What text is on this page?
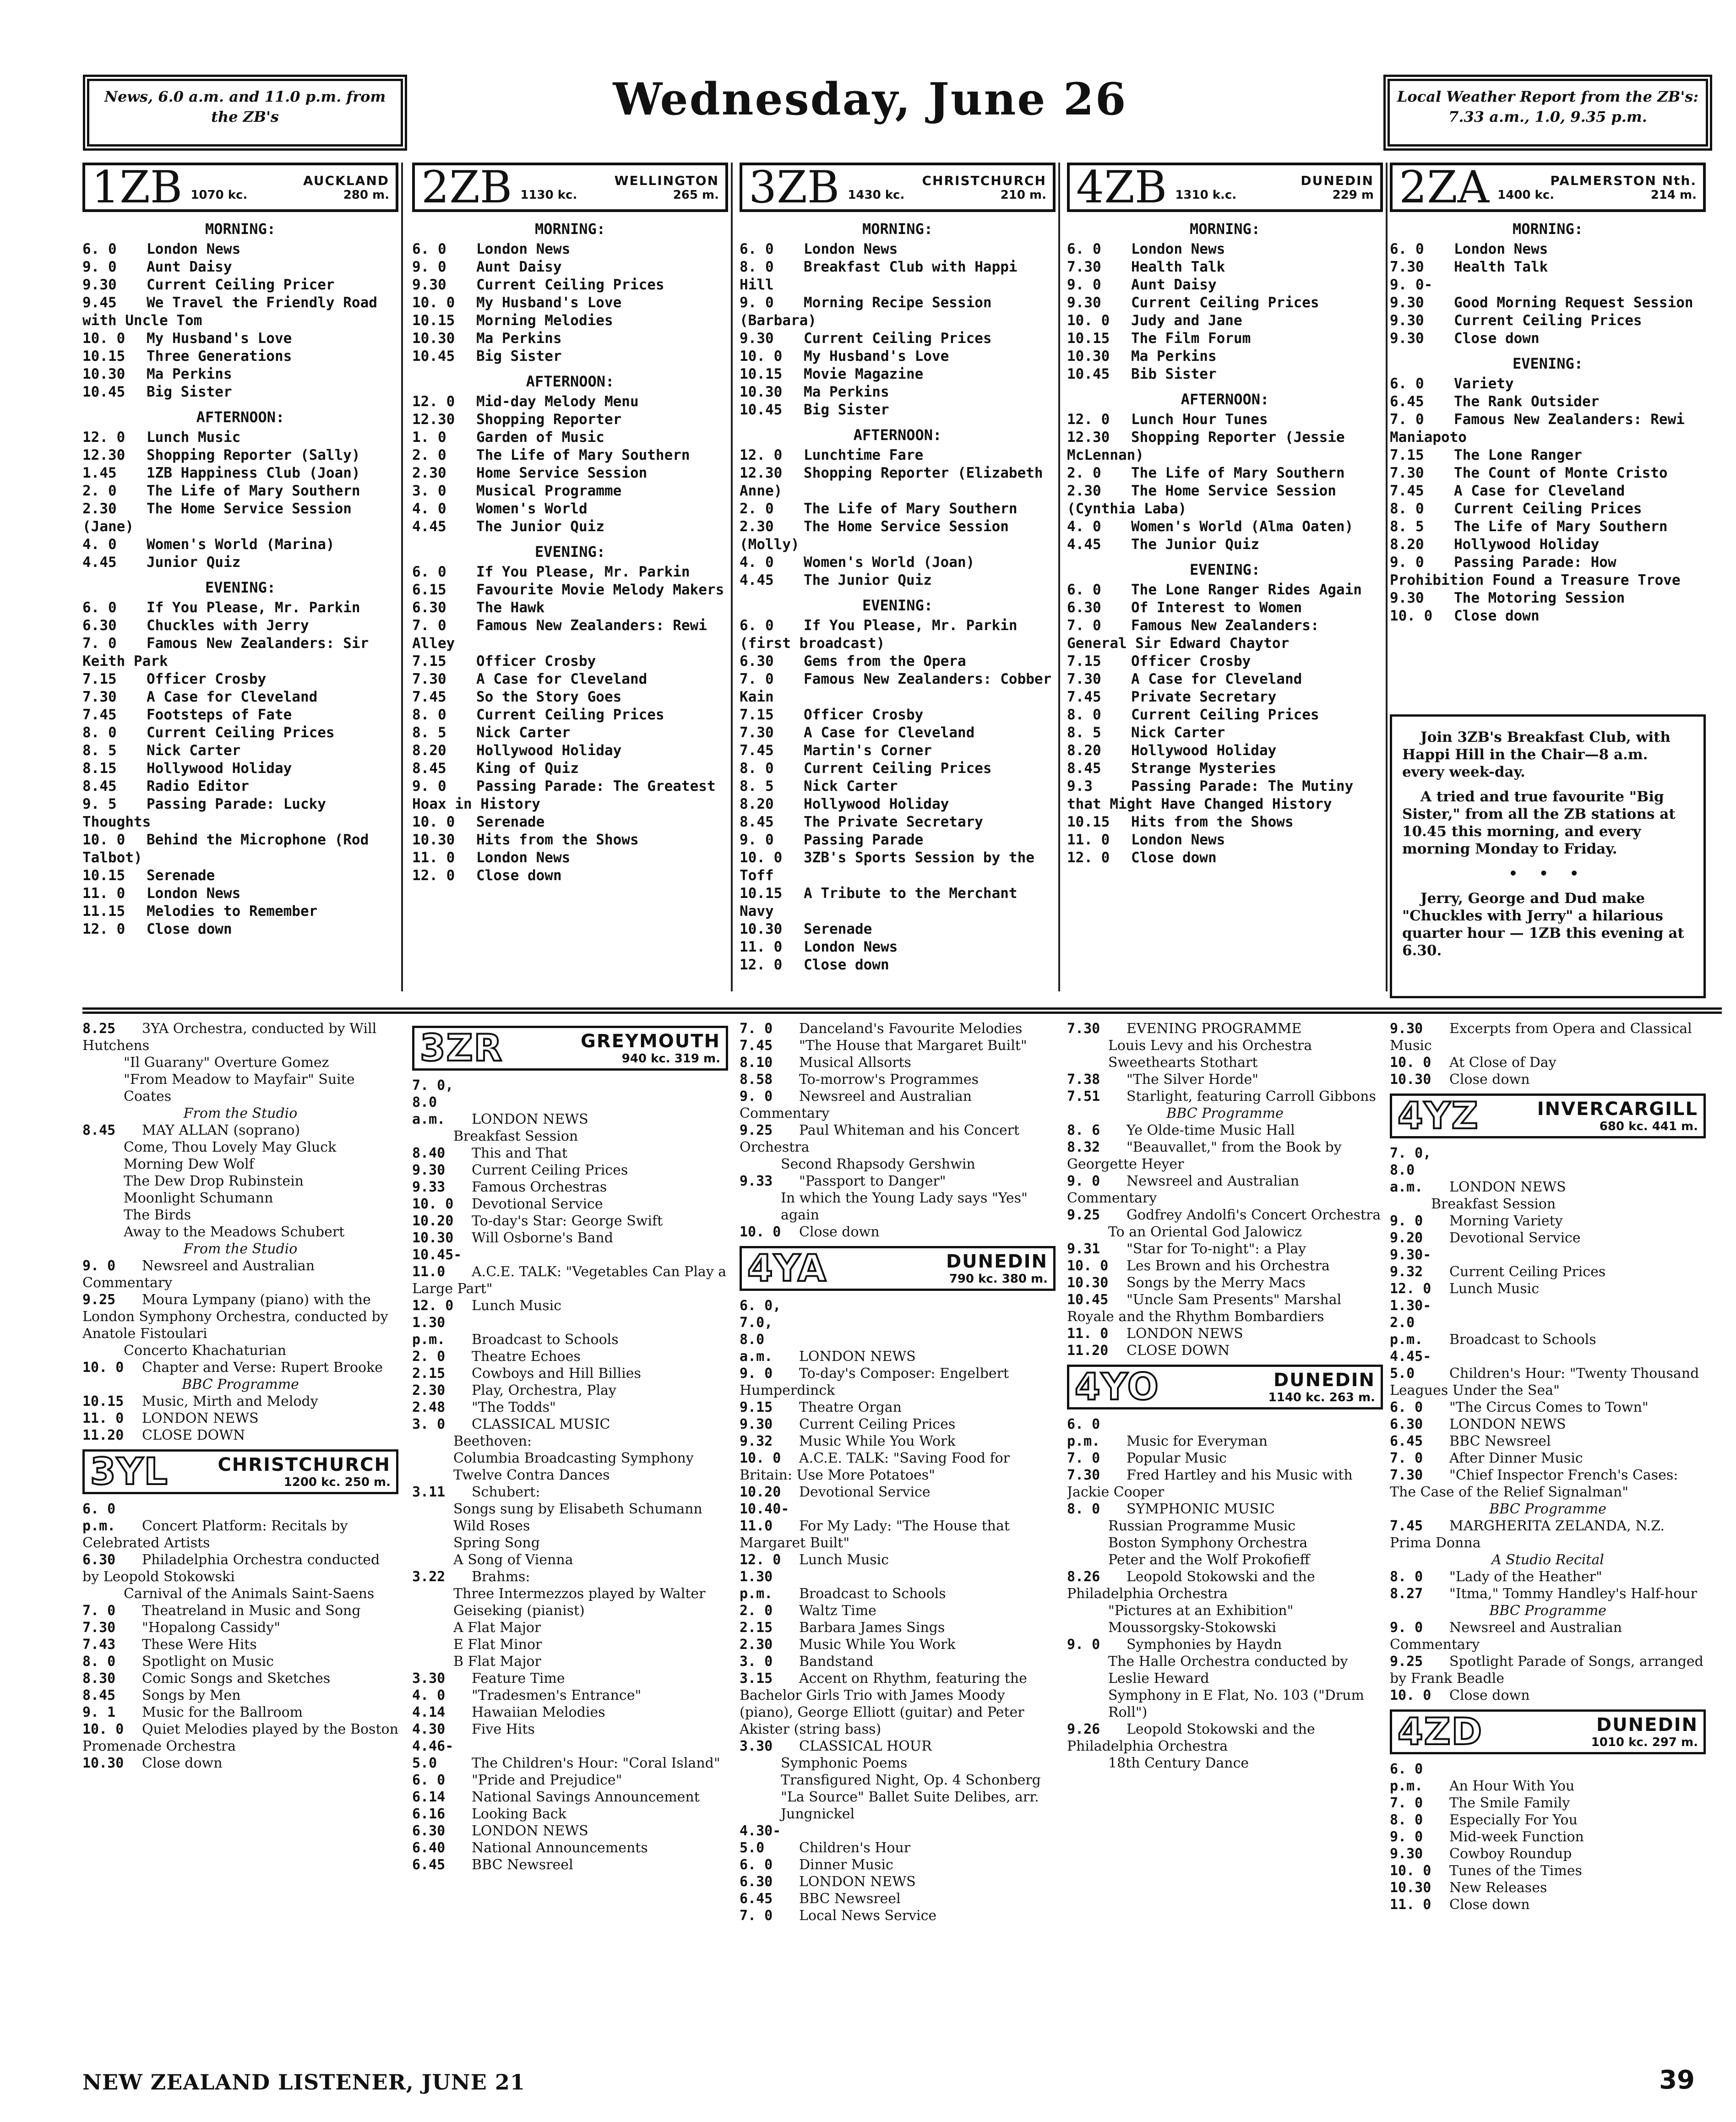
News, 6.0 a.m. and 11.0 p.m. from the ZB's	Wednesday, June 26	Local Weather Report from the ZB's: 7.33 a.m., 1.0, 9.35 p.m.
1ZB	AUCKLAND
1070 kc.	280 m.
MORNING:
6. 0 London News
9. 0 Aunt Daisy
9.30 Current Ceiling Pricer
9.45 We Travel the Friendly Road with Uncle Tom
10. 0 My Husband's Love
10.15 Three Generations
10.30 Ma Perkins
10.45 Big Sister
AFTERNOON:
12. 0 Lunch Music
12.30 Shopping Reporter (Sally)
1.45 1ZB Happiness Club (Joan)
2. 0 The Life of Mary Southern
2.30 The Home Service Session (Jane)
4. 0 Women's World (Marina)
4.45 Junior Quiz
EVENING:
6. 0 If You Please, Mr. Parkin
6.30 Chuckles with Jerry
7. 0 Famous New Zealanders: Sir Keith Park
7.15 Officer Crosby
7.30 A Case for Cleveland
7.45 Footsteps of Fate
8. 0 Current Ceiling Prices
8. 5 Nick Carter
8.15 Hollywood Holiday
8.45 Radio Editor
9. 5 Passing Parade: Lucky Thoughts
10. 0 Behind the Microphone (Rod Talbot)
10.15 Serenade
11. 0 London News
11.15 Melodies to Remember
12. 0 Close down
2ZB	WELLINGTON
1130 kc.	265 m.
MORNING:
6. 0 London News
9. 0 Aunt Daisy
9.30 Current Ceiling Prices
10. 0 My Husband's Love
10.15 Morning Melodies
10.30 Ma Perkins
10.45 Big Sister
AFTERNOON:
12. 0 Mid-day Melody Menu
12.30 Shopping Reporter
1. 0 Garden of Music
2. 0 The Life of Mary Southern
2.30 Home Service Session
3. 0 Musical Programme
4. 0 Women's World
4.45 The Junior Quiz
EVENING:
6. 0 If You Please, Mr. Parkin
6.15 Favourite Movie Melody Makers
6.30 The Hawk
7. 0 Famous New Zealanders: Rewi Alley
7.15 Officer Crosby
7.30 A Case for Cleveland
7.45 So the Story Goes
8. 0 Current Ceiling Prices
8. 5 Nick Carter
8.20 Hollywood Holiday
8.45 King of Quiz
9. 0 Passing Parade: The Greatest Hoax in History
10. 0 Serenade
10.30 Hits from the Shows
11. 0 London News
12. 0 Close down
3ZB	CHRISTCHURCH
1430 kc.	210 m.
MORNING:
6. 0 London News
8. 0 Breakfast Club with Happi Hill
9. 0 Morning Recipe Session (Barbara)
9.30 Current Ceiling Prices
10. 0 My Husband's Love
10.15 Movie Magazine
10.30 Ma Perkins
10.45 Big Sister
AFTERNOON:
12. 0 Lunchtime Fare
12.30 Shopping Reporter (Elizabeth Anne)
2. 0 The Life of Mary Southern
2.30 The Home Service Session (Molly)
4. 0 Women's World (Joan)
4.45 The Junior Quiz
EVENING:
6. 0 If You Please, Mr. Parkin (first broadcast)
6.30 Gems from the Opera
7. 0 Famous New Zealanders: Cobber Kain
7.15 Officer Crosby
7.30 A Case for Cleveland
7.45 Martin's Corner
8. 0 Current Ceiling Prices
8. 5 Nick Carter
8.20 Hollywood Holiday
8.45 The Private Secretary
9. 0 Passing Parade
10. 0 3ZB's Sports Session by the Toff
10.15 A Tribute to the Merchant Navy
10.30 Serenade
11. 0 London News
12. 0 Close down
4ZB	DUNEDIN
1310 k.c.	229 m
MORNING:
6. 0 London News
7.30 Health Talk
9. 0 Aunt Daisy
9.30 Current Ceiling Prices
10. 0 Judy and Jane
10.15 The Film Forum
10.30 Ma Perkins
10.45 Bib Sister
AFTERNOON:
12. 0 Lunch Hour Tunes
12.30 Shopping Reporter (Jessie McLennan)
2. 0 The Life of Mary Southern
2.30 The Home Service Session (Cynthia Laba)
4. 0 Women's World (Alma Oaten)
4.45 The Junior Quiz
EVENING:
6. 0 The Lone Ranger Rides Again
6.30 Of Interest to Women
7. 0 Famous New Zealanders: General Sir Edward Chaytor
7.15 Officer Crosby
7.30 A Case for Cleveland
7.45 Private Secretary
8. 0 Current Ceiling Prices
8. 5 Nick Carter
8.20 Hollywood Holiday
8.45 Strange Mysteries
9.3	Passing Parade: The Mutiny that Might Have Changed History
10.15 Hits from the Shows
11. 0 London News
12. 0 Close down
2ZA	PALMERSTON Nth.
1400 kc.	214 m.
MORNING:
6. 0 London News
7.30 Health Talk
9. 0-9.30 Good Morning Request Session
9.30 Current Ceiling Prices
9.30 Close down
EVENING:
6. 0 Variety
6.45 The Rank Outsider
7. 0 Famous New Zealanders: Rewi Maniapoto
7.15 The Lone Ranger
7.30 The Count of Monte Cristo
7.45 A Case for Cleveland
8. 0 Current Ceiling Prices
8. 5 The Life of Mary Southern
8.20 Hollywood Holiday
9. 0 Passing Parade: How Prohibition Found a Treasure Trove
9.30 The Motoring Session
10. 0 Close down

Join 3ZB's Breakfast Club, with Happi Hill in the Chair—8 a.m. every week-day.

A tried and true favourite "Big Sister," from all the ZB stations at 10.45 this morning, and every morning Monday to Friday.

• • •

Jerry, George and Dud make "Chuckles with Jerry" a hilarious quarter hour — 1ZB this evening at 6.30.

8.25 3YA Orchestra, conducted by Will Hutchens
"Il Guarany" Overture Gomez
"From Meadow to Mayfair" Suite Coates
From the Studio
8.45 MAY ALLAN (soprano)
Come, Thou Lovely May Gluck
Morning Dew Wolf
The Dew Drop Rubinstein
Moonlight Schumann
The Birds
Away to the Meadows Schubert
From the Studio
9. 0 Newsreel and Australian Commentary
9.25 Moura Lympany (piano) with the London Symphony Orchestra, conducted by Anatole Fistoulari
Concerto Khachaturian
10. 0 Chapter and Verse: Rupert Brooke
BBC Programme
10.15 Music, Mirth and Melody
11. 0 LONDON NEWS
11.20 CLOSE DOWN
3YL	CHRISTCHURCH
1200 kc. 250 m.
6. 0 p.m. Concert Platform: Recitals by Celebrated Artists
6.30 Philadelphia Orchestra conducted by Leopold Stokowski
Carnival of the Animals Saint-Saens
7. 0 Theatreland in Music and Song
7.30 "Hopalong Cassidy"
7.43 These Were Hits
8. 0 Spotlight on Music
8.30 Comic Songs and Sketches
8.45 Songs by Men
9. 1 Music for the Ballroom
10. 0 Quiet Melodies played by the Boston Promenade Orchestra
10.30 Close down
3ZR	GREYMOUTH
940 kc. 319 m.
7. 0, 8.0 a.m. LONDON NEWS
Breakfast Session
8.40 This and That
9.30 Current Ceiling Prices
9.33 Famous Orchestras
10. 0 Devotional Service
10.20 To-day's Star: George Swift
10.30 Will Osborne's Band
10.45-11.0 A.C.E. TALK: "Vegetables Can Play a Large Part"
12. 0 Lunch Music
1.30 p.m. Broadcast to Schools
2. 0 Theatre Echoes
2.15 Cowboys and Hill Billies
2.30 Play, Orchestra, Play
2.48 "The Todds"
3. 0 CLASSICAL MUSIC
Beethoven:
Columbia Broadcasting Symphony
Twelve Contra Dances
3.11 Schubert:
Songs sung by Elisabeth Schumann
Wild Roses
Spring Song
A Song of Vienna
3.22 Brahms:
Three Intermezzos played by Walter Geiseking (pianist)
A Flat Major
E Flat Minor
B Flat Major
3.30 Feature Time
4. 0 "Tradesmen's Entrance"
4.14 Hawaiian Melodies
4.30 Five Hits
4.46-5.0	The Children's Hour: "Coral Island"
6. 0 "Pride and Prejudice"
6.14 National Savings Announcement
6.16 Looking Back
6.30 LONDON NEWS
6.40 National Announcements
6.45 BBC Newsreel
7. 0 Danceland's Favourite Melodies
7.45 "The House that Margaret Built"
8.10 Musical Allsorts
8.58 To-morrow's Programmes
9. 0 Newsreel and Australian Commentary
9.25 Paul Whiteman and his Concert Orchestra
Second Rhapsody Gershwin
9.33 "Passport to Danger"
In which the Young Lady says "Yes" again
10. 0 Close down
4YA	DUNEDIN
790 kc. 380 m.
6. 0, 7.0, 8.0 a.m. LONDON NEWS
9. 0 To-day's Composer: Engelbert Humperdinck
9.15 Theatre Organ
9.30 Current Ceiling Prices
9.32 Music While You Work
10. 0 A.C.E. TALK: "Saving Food for Britain: Use More Potatoes"
10.20 Devotional Service
10.40-11.0 For My Lady: "The House that Margaret Built"
12. 0 Lunch Music
1.30 p.m. Broadcast to Schools
2. 0 Waltz Time
2.15 Barbara James Sings
2.30 Music While You Work
3. 0 Bandstand
3.15 Accent on Rhythm, featuring the Bachelor Girls Trio with James Moody (piano), George Elliott (guitar) and Peter Akister (string bass)
3.30 CLASSICAL HOUR
Symphonic Poems
Transfigured Night, Op. 4 Schonberg
"La Source" Ballet Suite Delibes, arr. Jungnickel
4.30-5.0	Children's Hour
6. 0 Dinner Music
6.30 LONDON NEWS
6.45 BBC Newsreel
7. 0 Local News Service
7.30 EVENING PROGRAMME
Louis Levy and his Orchestra
Sweethearts Stothart
7.38 "The Silver Horde"
7.51 Starlight, featuring Carroll Gibbons
BBC Programme
8. 6 Ye Olde-time Music Hall
8.32 "Beauvallet," from the Book by Georgette Heyer
9. 0 Newsreel and Australian Commentary
9.25 Godfrey Andolfi's Concert Orchestra
To an Oriental God Jalowicz
9.31 "Star for To-night": a Play
10. 0 Les Brown and his Orchestra
10.30 Songs by the Merry Macs
10.45 "Uncle Sam Presents" Marshal Royale and the Rhythm Bombardiers
11. 0 LONDON NEWS
11.20 CLOSE DOWN
4YO	DUNEDIN
1140 kc. 263 m.
6. 0 p.m. Music for Everyman
7. 0 Popular Music
7.30 Fred Hartley and his Music with Jackie Cooper
8. 0 SYMPHONIC MUSIC
Russian Programme Music
Boston Symphony Orchestra
Peter and the Wolf Prokofieff
8.26 Leopold Stokowski and the Philadelphia Orchestra
"Pictures at an Exhibition" Moussorgsky-Stokowski
9. 0 Symphonies by Haydn
The Halle Orchestra conducted by Leslie Heward
Symphony in E Flat, No. 103 ("Drum Roll")
9.26 Leopold Stokowski and the Philadelphia Orchestra
18th Century Dance
9.30 Excerpts from Opera and Classical Music
10. 0 At Close of Day
10.30 Close down
4YZ	INVERCARGILL
680 kc. 441 m.
7. 0, 8.0 a.m. LONDON NEWS
Breakfast Session
9. 0 Morning Variety
9.20 Devotional Service
9.30-9.32 Current Ceiling Prices
12. 0 Lunch Music
1.30-2.0 p.m. Broadcast to Schools
4.45-5.0	Children's Hour: "Twenty Thousand Leagues Under the Sea"
6. 0 "The Circus Comes to Town"
6.30 LONDON NEWS
6.45 BBC Newsreel
7. 0 After Dinner Music
7.30 "Chief Inspector French's Cases: The Case of the Relief Signalman"
BBC Programme
7.45 MARGHERITA ZELANDA, N.Z. Prima Donna
A Studio Recital
8. 0 "Lady of the Heather"
8.27 "Itma," Tommy Handley's Half-hour
BBC Programme
9. 0 Newsreel and Australian Commentary
9.25 Spotlight Parade of Songs, arranged by Frank Beadle
10. 0 Close down
4ZD	DUNEDIN
1010 kc. 297 m.
6. 0 p.m. An Hour With You
7. 0 The Smile Family
8. 0 Especially For You
9. 0 Mid-week Function
9.30 Cowboy Roundup
10. 0 Tunes of the Times
10.30 New Releases
11. 0 Close down
NEW ZEALAND LISTENER, JUNE 21	39
